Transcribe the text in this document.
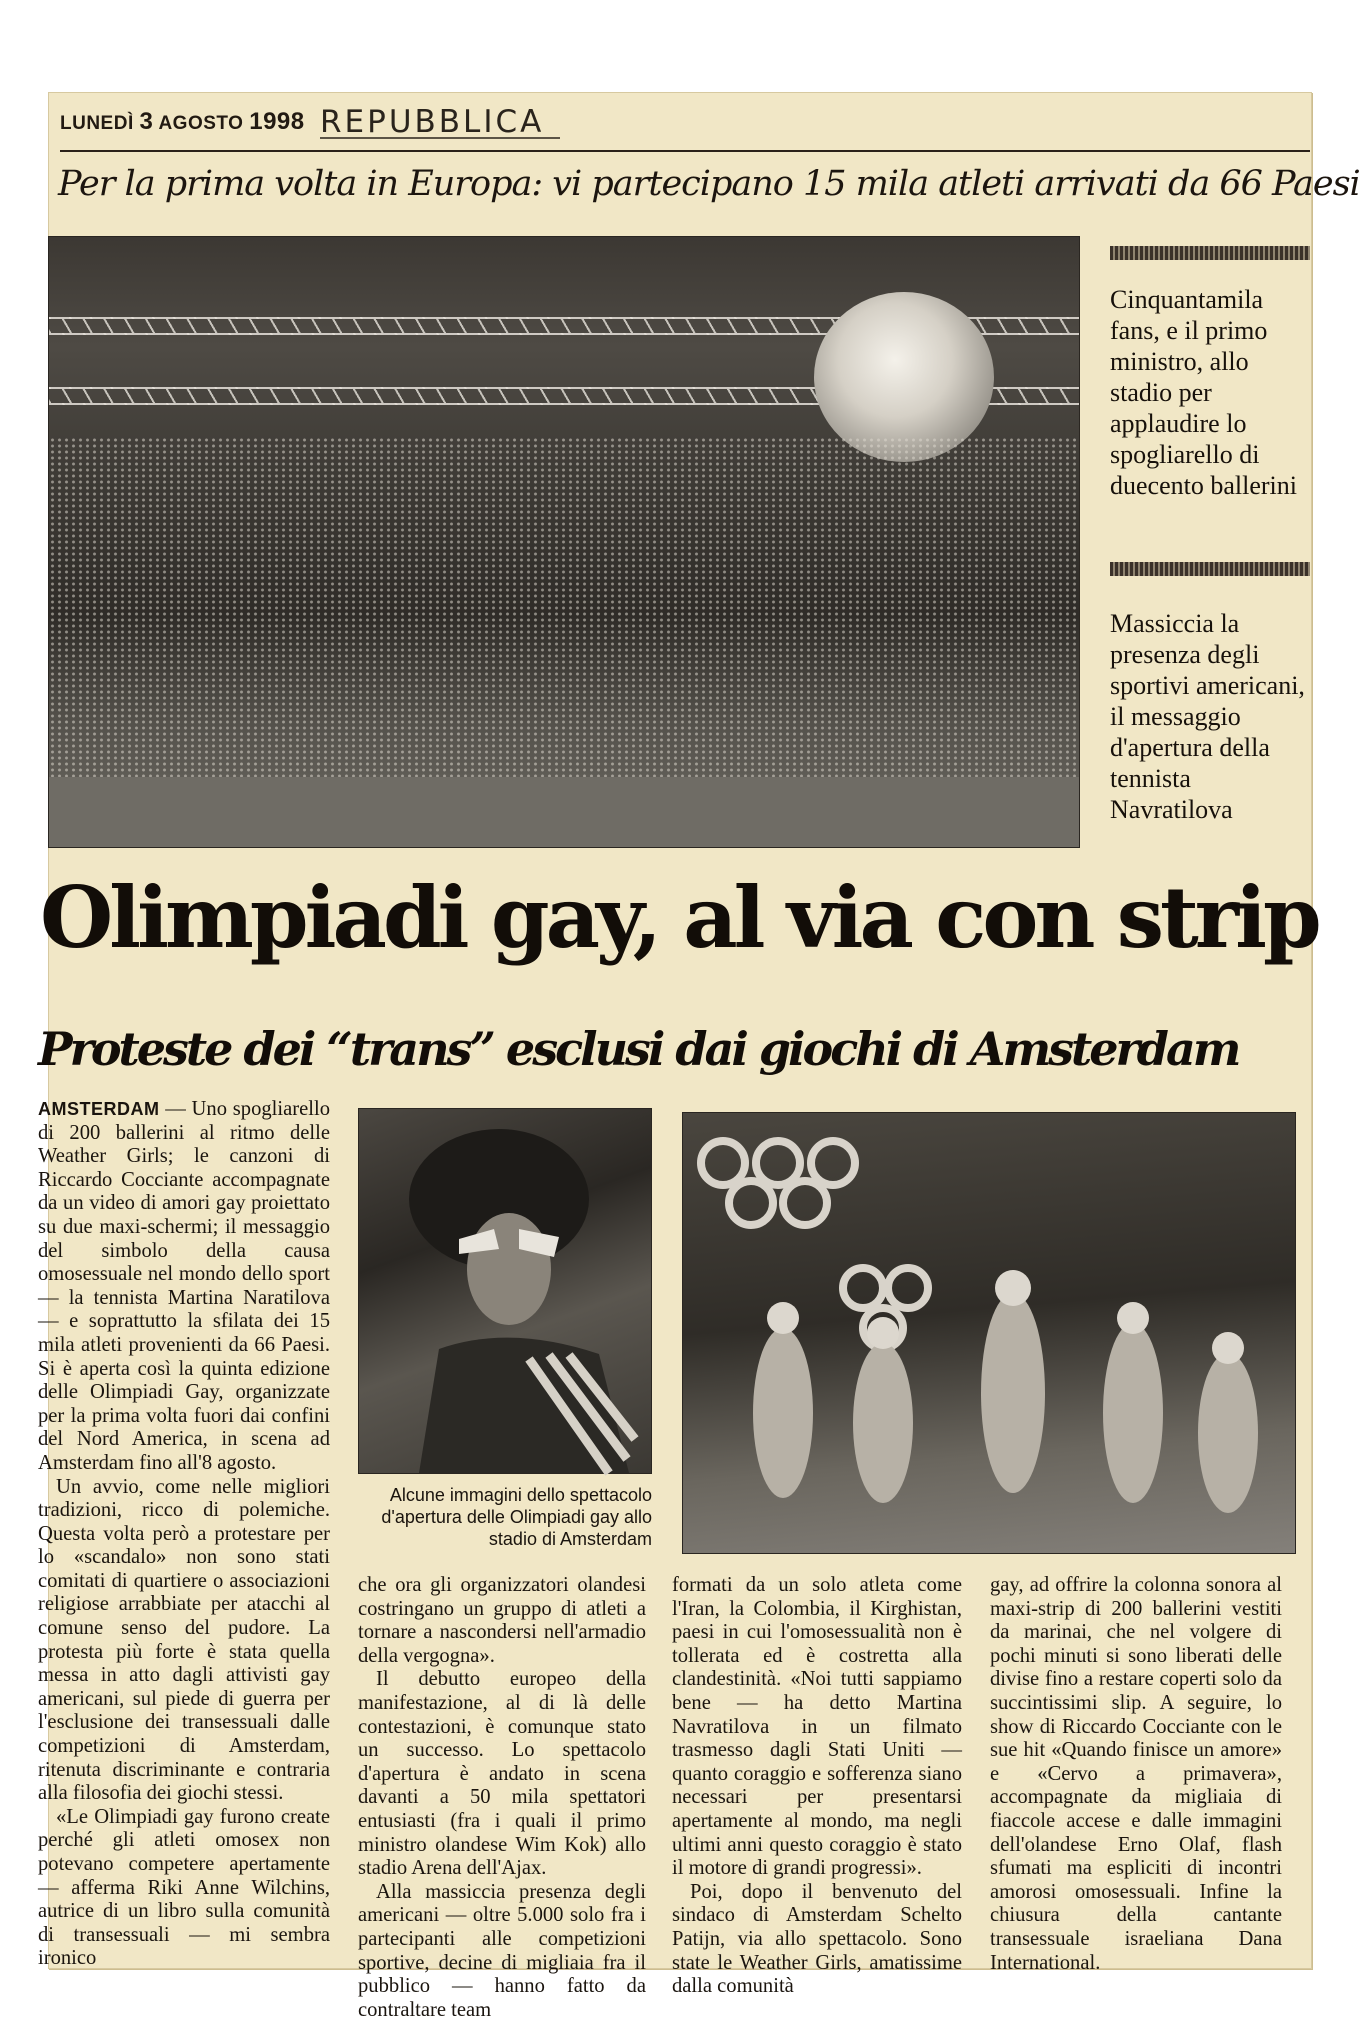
LUNEDÌ 3 AGOSTO 1998 REPUBBLICA
Per la prima volta in Europa: vi partecipano 15 mila atleti arrivati da 66 Paesi
Cinquantamila fans, e il primo ministro, allo stadio per applaudire lo spogliarello di duecento ballerini
Massiccia la presenza degli sportivi americani, il messaggio d'apertura della tennista Navratilova
Olimpiadi gay, al via con strip
Proteste dei “trans” esclusi dai giochi di Amsterdam

AMSTERDAM — Uno spogliarello di 200 ballerini al ritmo delle Weather Girls; le canzoni di Riccardo Cocciante accompagnate da un video di amori gay proiettato su due maxi-schermi; il messaggio del simbolo della causa omosessuale nel mondo dello sport — la tennista Martina Naratilova — e soprattutto la sfilata dei 15 mila atleti provenienti da 66 Paesi. Si è aperta così la quinta edizione delle Olimpiadi Gay, organizzate per la prima volta fuori dai confini del Nord America, in scena ad Amsterdam fino all'8 agosto.

Un avvio, come nelle migliori tradizioni, ricco di polemiche. Questa volta però a protestare per lo «scandalo» non sono stati comitati di quartiere o associazioni religiose arrabbiate per atacchi al comune senso del pudore. La protesta più forte è stata quella messa in atto dagli attivisti gay americani, sul piede di guerra per l'esclusione dei transessuali dalle competizioni di Amsterdam, ritenuta discriminante e contraria alla filosofia dei giochi stessi.

«Le Olimpiadi gay furono create perché gli atleti omosex non potevano competere apertamente — afferma Riki Anne Wilchins, autrice di un libro sulla comunità di transessuali — mi sembra ironico

Alcune immagini dello spettacolo d'apertura delle Olimpiadi gay allo stadio di Amsterdam

che ora gli organizzatori olandesi costringano un gruppo di atleti a tornare a nascondersi nell'armadio della vergogna».

Il debutto europeo della manifestazione, al di là delle contestazioni, è comunque stato un successo. Lo spettacolo d'apertura è andato in scena davanti a 50 mila spettatori entusiasti (fra i quali il primo ministro olandese Wim Kok) allo stadio Arena dell'Ajax.

Alla massiccia presenza degli americani — oltre 5.000 solo fra i partecipanti alle competizioni sportive, decine di migliaia fra il pubblico — hanno fatto da contraltare team

formati da un solo atleta come l'Iran, la Colombia, il Kirghistan, paesi in cui l'omosessualità non è tollerata ed è costretta alla clandestinità. «Noi tutti sappiamo bene — ha detto Martina Navratilova in un filmato trasmesso dagli Stati Uniti — quanto coraggio e sofferenza siano necessari per presentarsi apertamente al mondo, ma negli ultimi anni questo coraggio è stato il motore di grandi progressi».

Poi, dopo il benvenuto del sindaco di Amsterdam Schelto Patijn, via allo spettacolo. Sono state le Weather Girls, amatissime dalla comunità

gay, ad offrire la colonna sonora al maxi-strip di 200 ballerini vestiti da marinai, che nel volgere di pochi minuti si sono liberati delle divise fino a restare coperti solo da succintissimi slip. A seguire, lo show di Riccardo Cocciante con le sue hit «Quando finisce un amore» e «Cervo a primavera», accompagnate da migliaia di fiaccole accese e dalle immagini dell'olandese Erno Olaf, flash sfumati ma espliciti di incontri amorosi omosessuali. Infine la chiusura della cantante transessuale israeliana Dana International.
